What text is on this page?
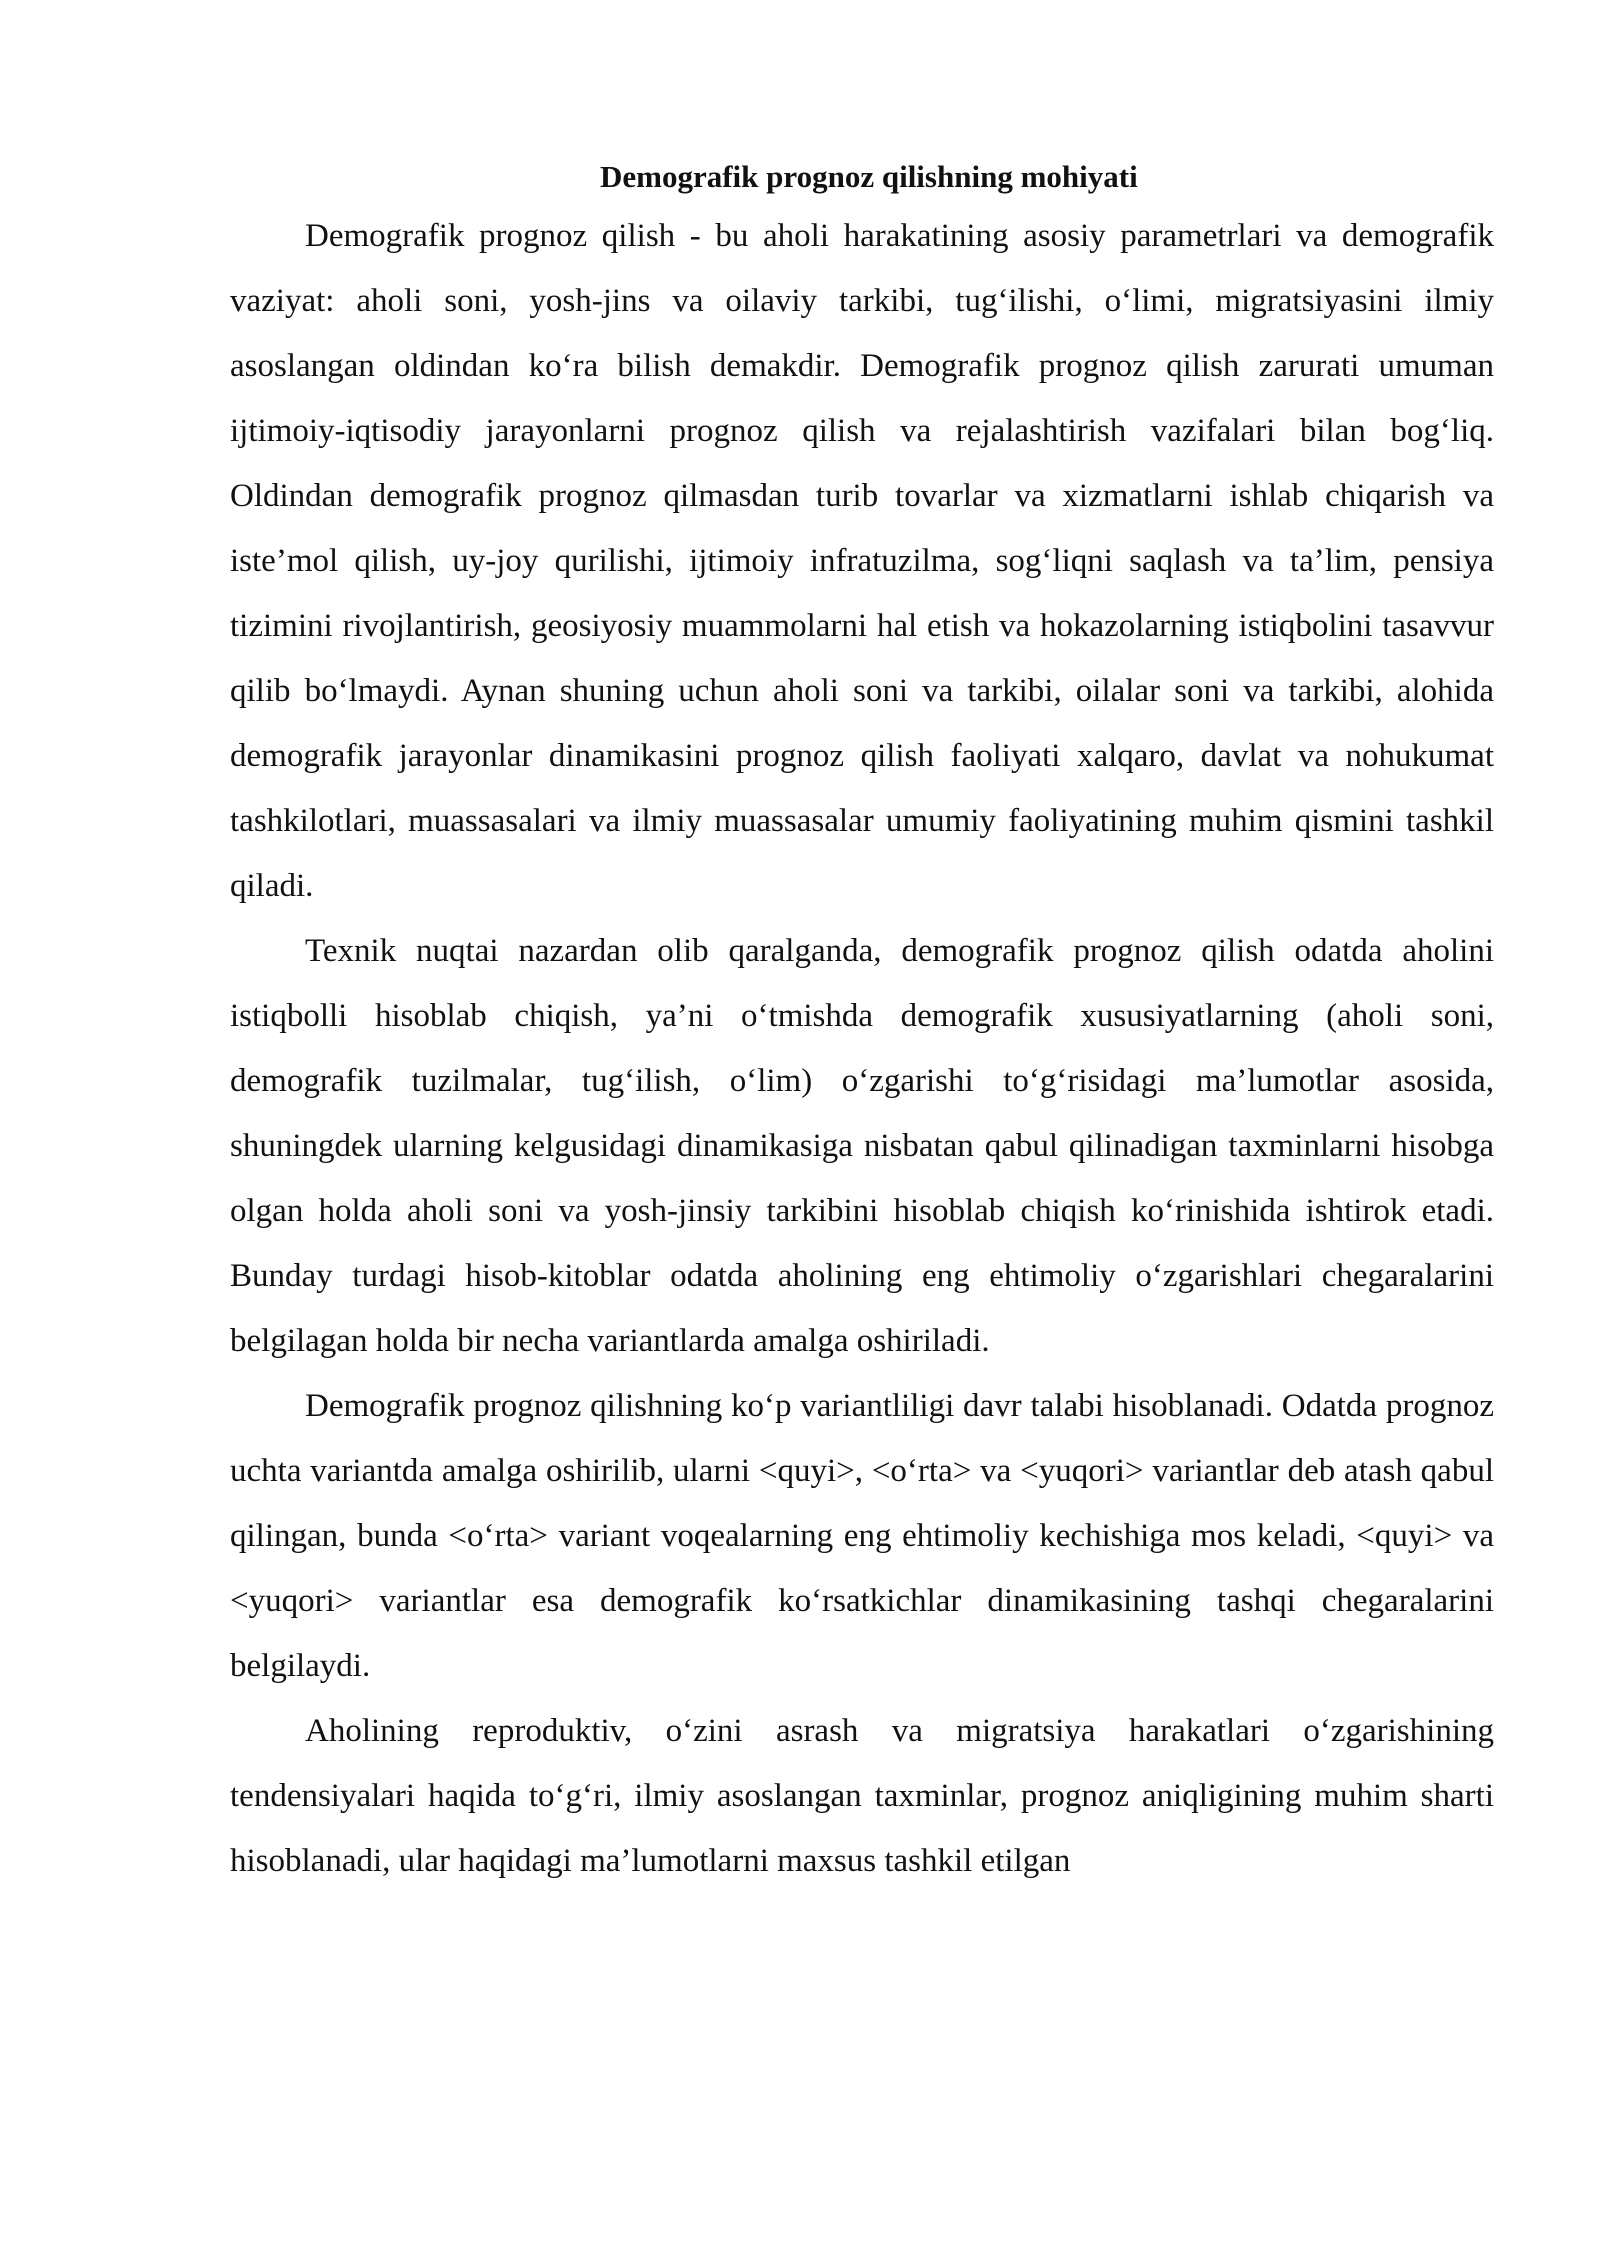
Demografik prognoz qilishning mohiyati

Demografik prognoz qilish - bu aholi harakatining asosiy parametrlari va demografik vaziyat: aholi soni, yosh-jins va oilaviy tarkibi, tug‘ilishi, o‘limi, migratsiyasini ilmiy asoslangan oldindan ko‘ra bilish demakdir. Demografik prognoz qilish zarurati umuman ijtimoiy-iqtisodiy jarayonlarni prognoz qilish va rejalashtirish vazifalari bilan bog‘liq. Oldindan demografik prognoz qilmasdan turib tovarlar va xizmatlarni ishlab chiqarish va iste’mol qilish, uy-joy qurilishi, ijtimoiy infratuzilma, sog‘liqni saqlash va ta’lim, pensiya tizimini rivojlantirish, geosiyosiy muammolarni hal etish va hokazolarning istiqbolini tasavvur qilib bo‘lmaydi. Aynan shuning uchun aholi soni va tarkibi, oilalar soni va tarkibi, alohida demografik jarayonlar dinamikasini prognoz qilish faoliyati xalqaro, davlat va nohukumat tashkilotlari, muassasalari va ilmiy muassasalar umumiy faoliyatining muhim qismini tashkil qiladi.

Texnik nuqtai nazardan olib qaralganda, demografik prognoz qilish odatda aholini istiqbolli hisoblab chiqish, ya’ni o‘tmishda demografik xususiyatlarning (aholi soni, demografik tuzilmalar, tug‘ilish, o‘lim) o‘zgarishi to‘g‘risidagi ma’lumotlar asosida, shuningdek ularning kelgusidagi dinamikasiga nisbatan qabul qilinadigan taxminlarni hisobga olgan holda aholi soni va yosh-jinsiy tarkibini hisoblab chiqish ko‘rinishida ishtirok etadi. Bunday turdagi hisob-kitoblar odatda aholining eng ehtimoliy o‘zgarishlari chegaralarini belgilagan holda bir necha variantlarda amalga oshiriladi.

Demografik prognoz qilishning ko‘p variantliligi davr talabi hisoblanadi. Odatda prognoz uchta variantda amalga oshirilib, ularni <quyi>, <o‘rta> va <yuqori> variantlar deb atash qabul qilingan, bunda <o‘rta> variant voqealarning eng ehtimoliy kechishiga mos keladi, <quyi> va <yuqori> variantlar esa demografik ko‘rsatkichlar dinamikasining tashqi chegaralarini belgilaydi.

Aholining reproduktiv, o‘zini asrash va migratsiya harakatlari o‘zgarishining tendensiyalari haqida to‘g‘ri, ilmiy asoslangan taxminlar, prognoz aniqligining muhim sharti hisoblanadi, ular haqidagi ma’lumotlarni maxsus tashkil etilgan
